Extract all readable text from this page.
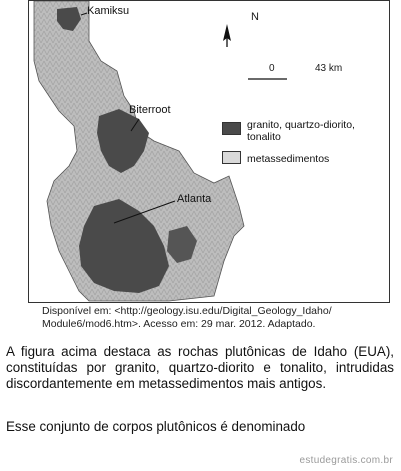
Kamiksu
Biterroot
Atlanta
N
0	43 km
granito, quartzo-diorito,
tonalito
metassedimentos
Disponível em: <http://geology.isu.edu/Digital_Geology_Idaho/
Module6/mod6.htm>. Acesso em: 29 mar. 2012. Adaptado.
A figura acima destaca as rochas plutônicas de Idaho (EUA), constituídas por granito, quartzo-diorito e tonalito, intrudidas discordantemente em metassedimentos mais antigos.
Esse conjunto de corpos plutônicos é denominado
estudegratis.com.br
